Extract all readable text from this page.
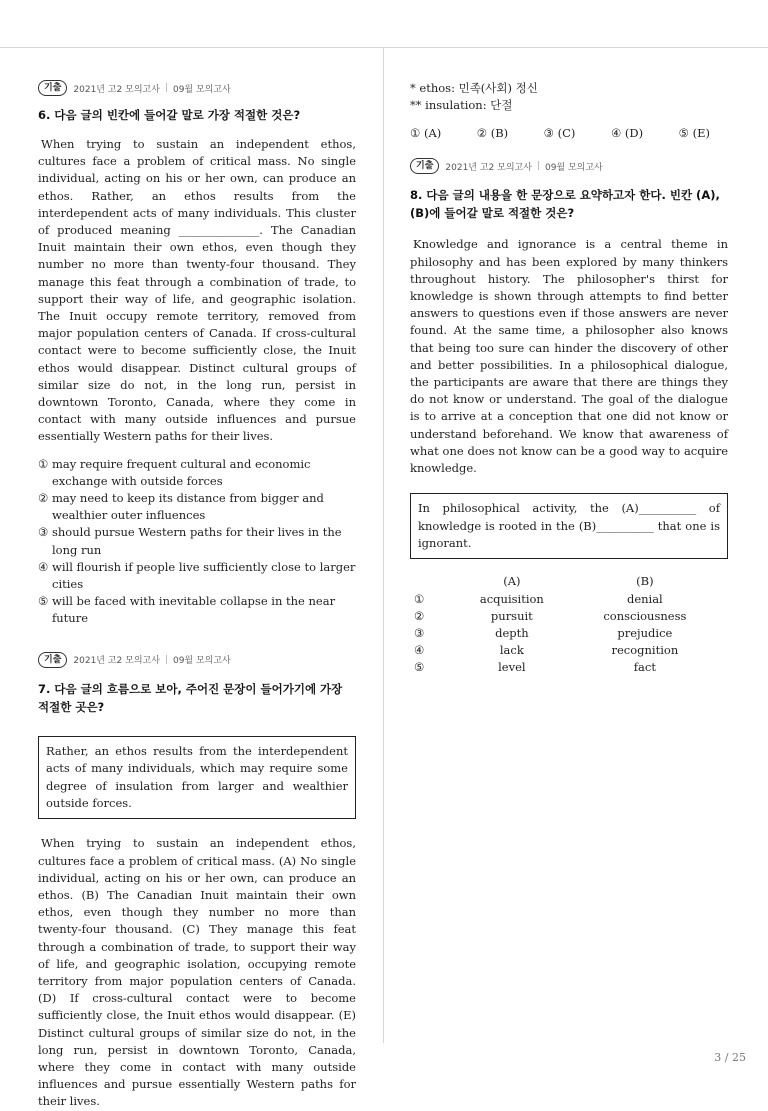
기출	2021년 고2 모의고사 | 09월 모의고사
6. 다음 글의 빈칸에 들어갈 말로 가장 적절한 것은?
When trying to sustain an independent ethos, cultures face a problem of critical mass. No single individual, acting on his or her own, can produce an ethos. Rather, an ethos results from the interdependent acts of many individuals. This cluster of produced meaning ______________. The Canadian Inuit maintain their own ethos, even though they number no more than twenty-four thousand. They manage this feat through a combination of trade, to support their way of life, and geographic isolation. The Inuit occupy remote territory, removed from major population centers of Canada. If cross-cultural contact were to become sufficiently close, the Inuit ethos would disappear. Distinct cultural groups of similar size do not, in the long run, persist in downtown Toronto, Canada, where they come in contact with many outside influences and pursue essentially Western paths for their lives.
① may require frequent cultural and economic exchange with outside forces
② may need to keep its distance from bigger and wealthier outer influences
③ should pursue Western paths for their lives in the long run
④ will flourish if people live sufficiently close to larger cities
⑤ will be faced with inevitable collapse in the near future
기출	2021년 고2 모의고사 | 09월 모의고사
7. 다음 글의 흐름으로 보아, 주어진 문장이 들어가기에 가장 적절한 곳은?
Rather, an ethos results from the interdependent acts of many individuals, which may require some degree of insulation from larger and wealthier outside forces.
When trying to sustain an independent ethos, cultures face a problem of critical mass. (A) No single individual, acting on his or her own, can produce an ethos. (B) The Canadian Inuit maintain their own ethos, even though they number no more than twenty-four thousand. (C) They manage this feat through a combination of trade, to support their way of life, and geographic isolation, occupying remote territory from major population centers of Canada. (D) If cross-cultural contact were to become sufficiently close, the Inuit ethos would disappear. (E) Distinct cultural groups of similar size do not, in the long run, persist in downtown Toronto, Canada, where they come in contact with many outside influences and pursue essentially Western paths for their lives.
* ethos: 민족(사회) 정신
** insulation: 단절
① (A)	② (B)	③ (C)	④ (D)	⑤ (E)
기출	2021년 고2 모의고사 | 09월 모의고사
8. 다음 글의 내용을 한 문장으로 요약하고자 한다. 빈칸 (A), (B)에 들어갈 말로 적절한 것은?
Knowledge and ignorance is a central theme in philosophy and has been explored by many thinkers throughout history. The philosopher's thirst for knowledge is shown through attempts to find better answers to questions even if those answers are never found. At the same time, a philosopher also knows that being too sure can hinder the discovery of other and better possibilities. In a philosophical dialogue, the participants are aware that there are things they do not know or understand. The goal of the dialogue is to arrive at a conception that one did not know or understand beforehand. We know that awareness of what one does not know can be a good way to acquire knowledge.
In philosophical activity, the (A)__________ of knowledge is rooted in the (B)__________ that one is ignorant.
	(A)	(B)
①	acquisition	denial
②	pursuit	consciousness
③	depth	prejudice
④	lack	recognition
⑤	level	fact
3 / 25
